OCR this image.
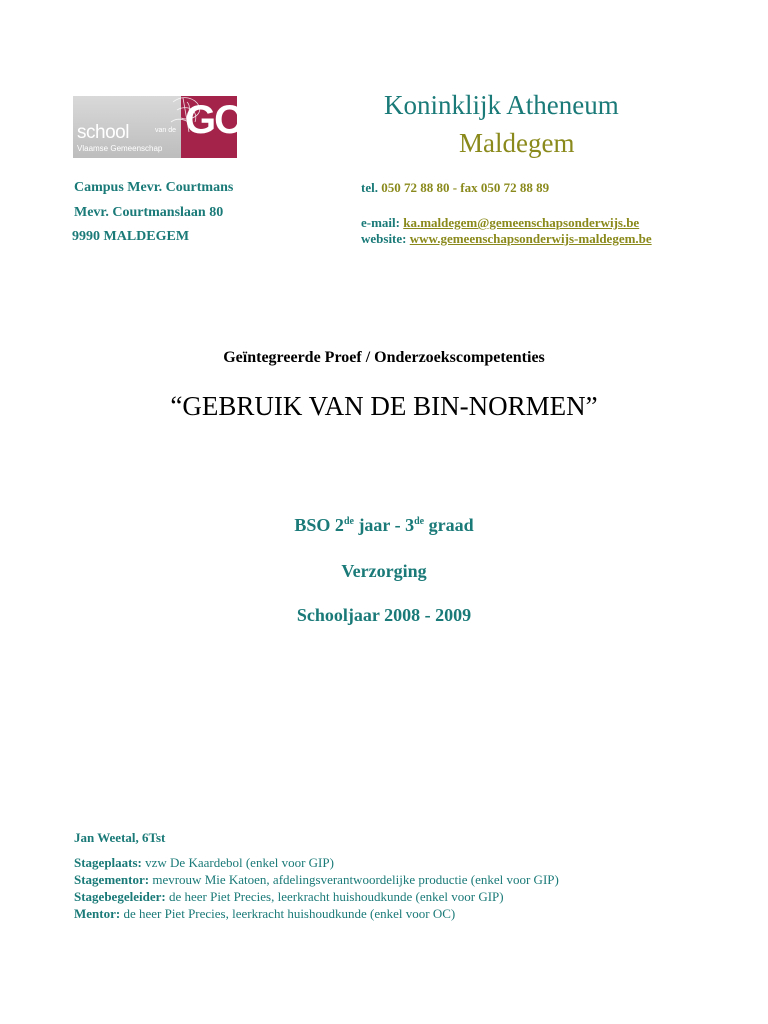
school	van de
Vlaamse Gemeenschap
GO!	Koninklijk Atheneum
Maldegem
Campus Mevr. Courtmans
Mevr. Courtmanslaan 80
9990 MALDEGEM
tel. 050 72 88 80 - fax 050 72 88 89
e-mail: ka.maldegem@gemeenschapsonderwijs.be
website: www.gemeenschapsonderwijs-maldegem.be
Geïntegreerde Proef / Onderzoekscompetenties
“GEBRUIK VAN DE BIN-NORMEN”
BSO 2de jaar - 3de graad
Verzorging
Schooljaar 2008 - 2009
Jan Weetal, 6Tst
Stageplaats: vzw De Kaardebol (enkel voor GIP)
Stagementor: mevrouw Mie Katoen, afdelingsverantwoordelijke productie (enkel voor GIP)
Stagebegeleider: de heer Piet Precies, leerkracht huishoudkunde (enkel voor GIP)
Mentor: de heer Piet Precies, leerkracht huishoudkunde (enkel voor OC)
